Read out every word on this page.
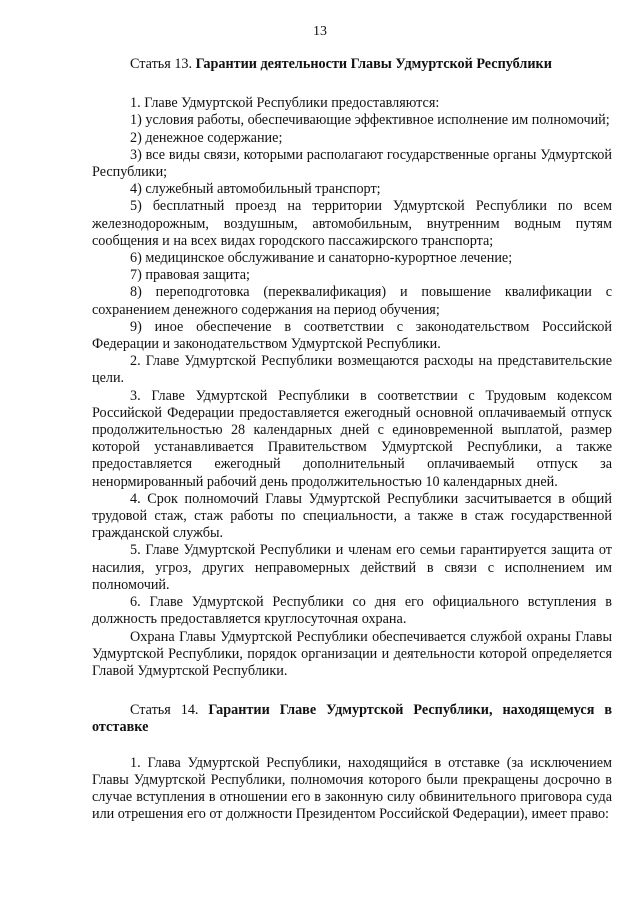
13

Статья 13. Гарантии деятельности Главы Удмуртской Республики

1. Главе Удмуртской Республики предоставляются:

1) условия работы, обеспечивающие эффективное исполнение им полномочий;

2) денежное содержание;

3) все виды связи, которыми располагают государственные органы Удмуртской Республики;

4) служебный автомобильный транспорт;

5) бесплатный проезд на территории Удмуртской Республики по всем железнодорожным, воздушным, автомобильным, внутренним водным путям сообщения и на всех видах городского пассажирского транспорта;

6) медицинское обслуживание и санаторно-курортное лечение;

7) правовая защита;

8) переподготовка (переквалификация) и повышение квалификации с сохранением денежного содержания на период обучения;

9) иное обеспечение в соответствии с законодательством Российской Федерации и законодательством Удмуртской Республики.

2. Главе Удмуртской Республики возмещаются расходы на представительские цели.

3. Главе Удмуртской Республики в соответствии с Трудовым кодексом Российской Федерации предоставляется ежегодный основной оплачиваемый отпуск продолжительностью 28 календарных дней с единовременной выплатой, размер которой устанавливается Правительством Удмуртской Республики, а также предоставляется ежегодный дополнительный оплачиваемый отпуск за ненормированный рабочий день продолжительностью 10 календарных дней.

4. Срок полномочий Главы Удмуртской Республики засчитывается в общий трудовой стаж, стаж работы по специальности, а также в стаж государственной гражданской службы.

5. Главе Удмуртской Республики и членам его семьи гарантируется защита от насилия, угроз, других неправомерных действий в связи с исполнением им полномочий.

6. Главе Удмуртской Республики со дня его официального вступления в должность предоставляется круглосуточная охрана.

Охрана Главы Удмуртской Республики обеспечивается службой охраны Главы Удмуртской Республики, порядок организации и деятельности которой определяется Главой Удмуртской Республики.

Статья 14. Гарантии Главе Удмуртской Республики, находящемуся в отставке

1. Глава Удмуртской Республики, находящийся в отставке (за исключением Главы Удмуртской Республики, полномочия которого были прекращены досрочно в случае вступления в отношении его в законную силу обвинительного приговора суда или отрешения его от должности Президентом Российской Федерации), имеет право:
